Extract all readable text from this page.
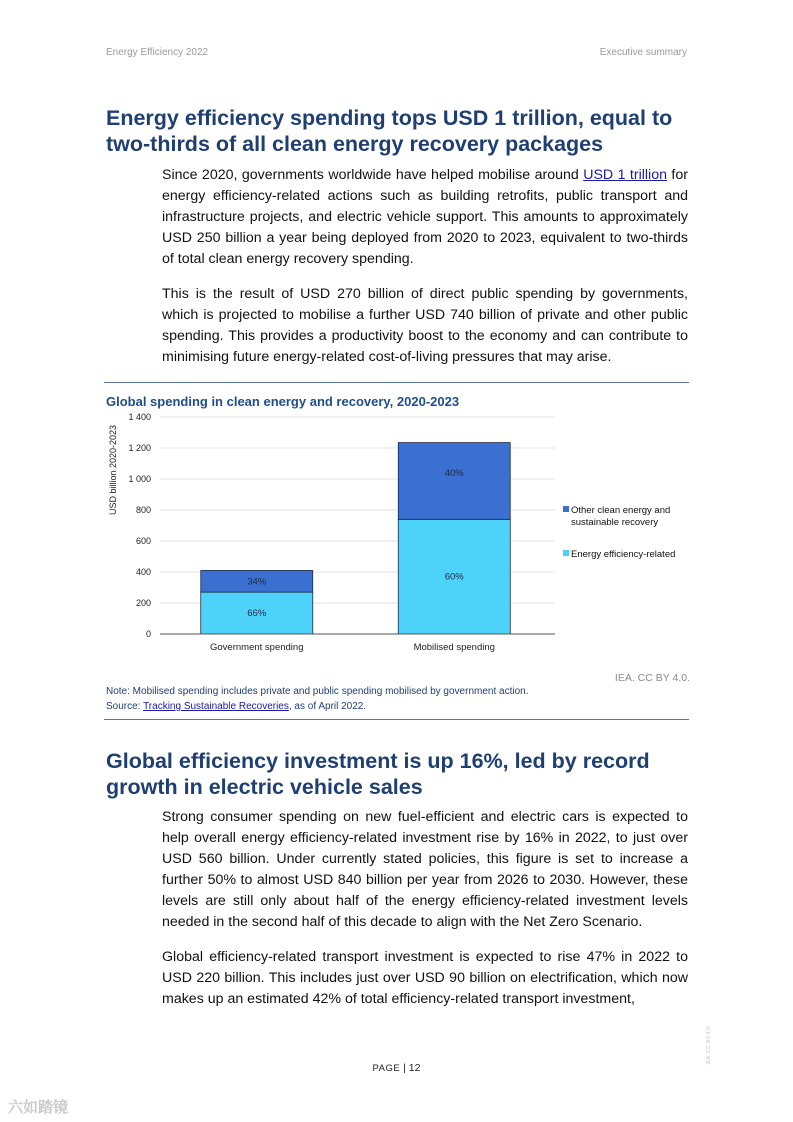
Energy Efficiency 2022	Executive summary
Energy efficiency spending tops USD 1 trillion, equal to two-thirds of all clean energy recovery packages

Since 2020, governments worldwide have helped mobilise around USD 1 trillion for energy efficiency-related actions such as building retrofits, public transport and infrastructure projects, and electric vehicle support. This amounts to approximately USD 250 billion a year being deployed from 2020 to 2023, equivalent to two-thirds of total clean energy recovery spending.

This is the result of USD 270 billion of direct public spending by governments, which is projected to mobilise a further USD 740 billion of private and other public spending. This provides a productivity boost to the economy and can contribute to minimising future energy-related cost-of-living pressures that may arise.

Global spending in clean energy and recovery, 2020-2023
USD billion 2020-2023
0
200
400
600
800
1 000
1 200
1 400
66%
34%
Government spending
60%
40%
Mobilised spending
Other clean energy and sustainable recovery
Energy efficiency-related
IEA. CC BY 4.0.
Note: Mobilised spending includes private and public spending mobilised by government action.
Source: Tracking Sustainable Recoveries, as of April 2022.
Global efficiency investment is up 16%, led by record growth in electric vehicle sales

Strong consumer spending on new fuel-efficient and electric cars is expected to help overall energy efficiency-related investment rise by 16% in 2022, to just over USD 560 billion. Under currently stated policies, this figure is set to increase a further 50% to almost USD 840 billion per year from 2026 to 2030. However, these levels are still only about half of the energy efficiency-related investment levels needed in the second half of this decade to align with the Net Zero Scenario.

Global efficiency-related transport investment is expected to rise 47% in 2022 to USD 220 billion. This includes just over USD 90 billion on electrification, which now makes up an estimated 42% of total efficiency-related transport investment,

PAGE | 12
IEA. CC BY 4.0.
六如踏镜
